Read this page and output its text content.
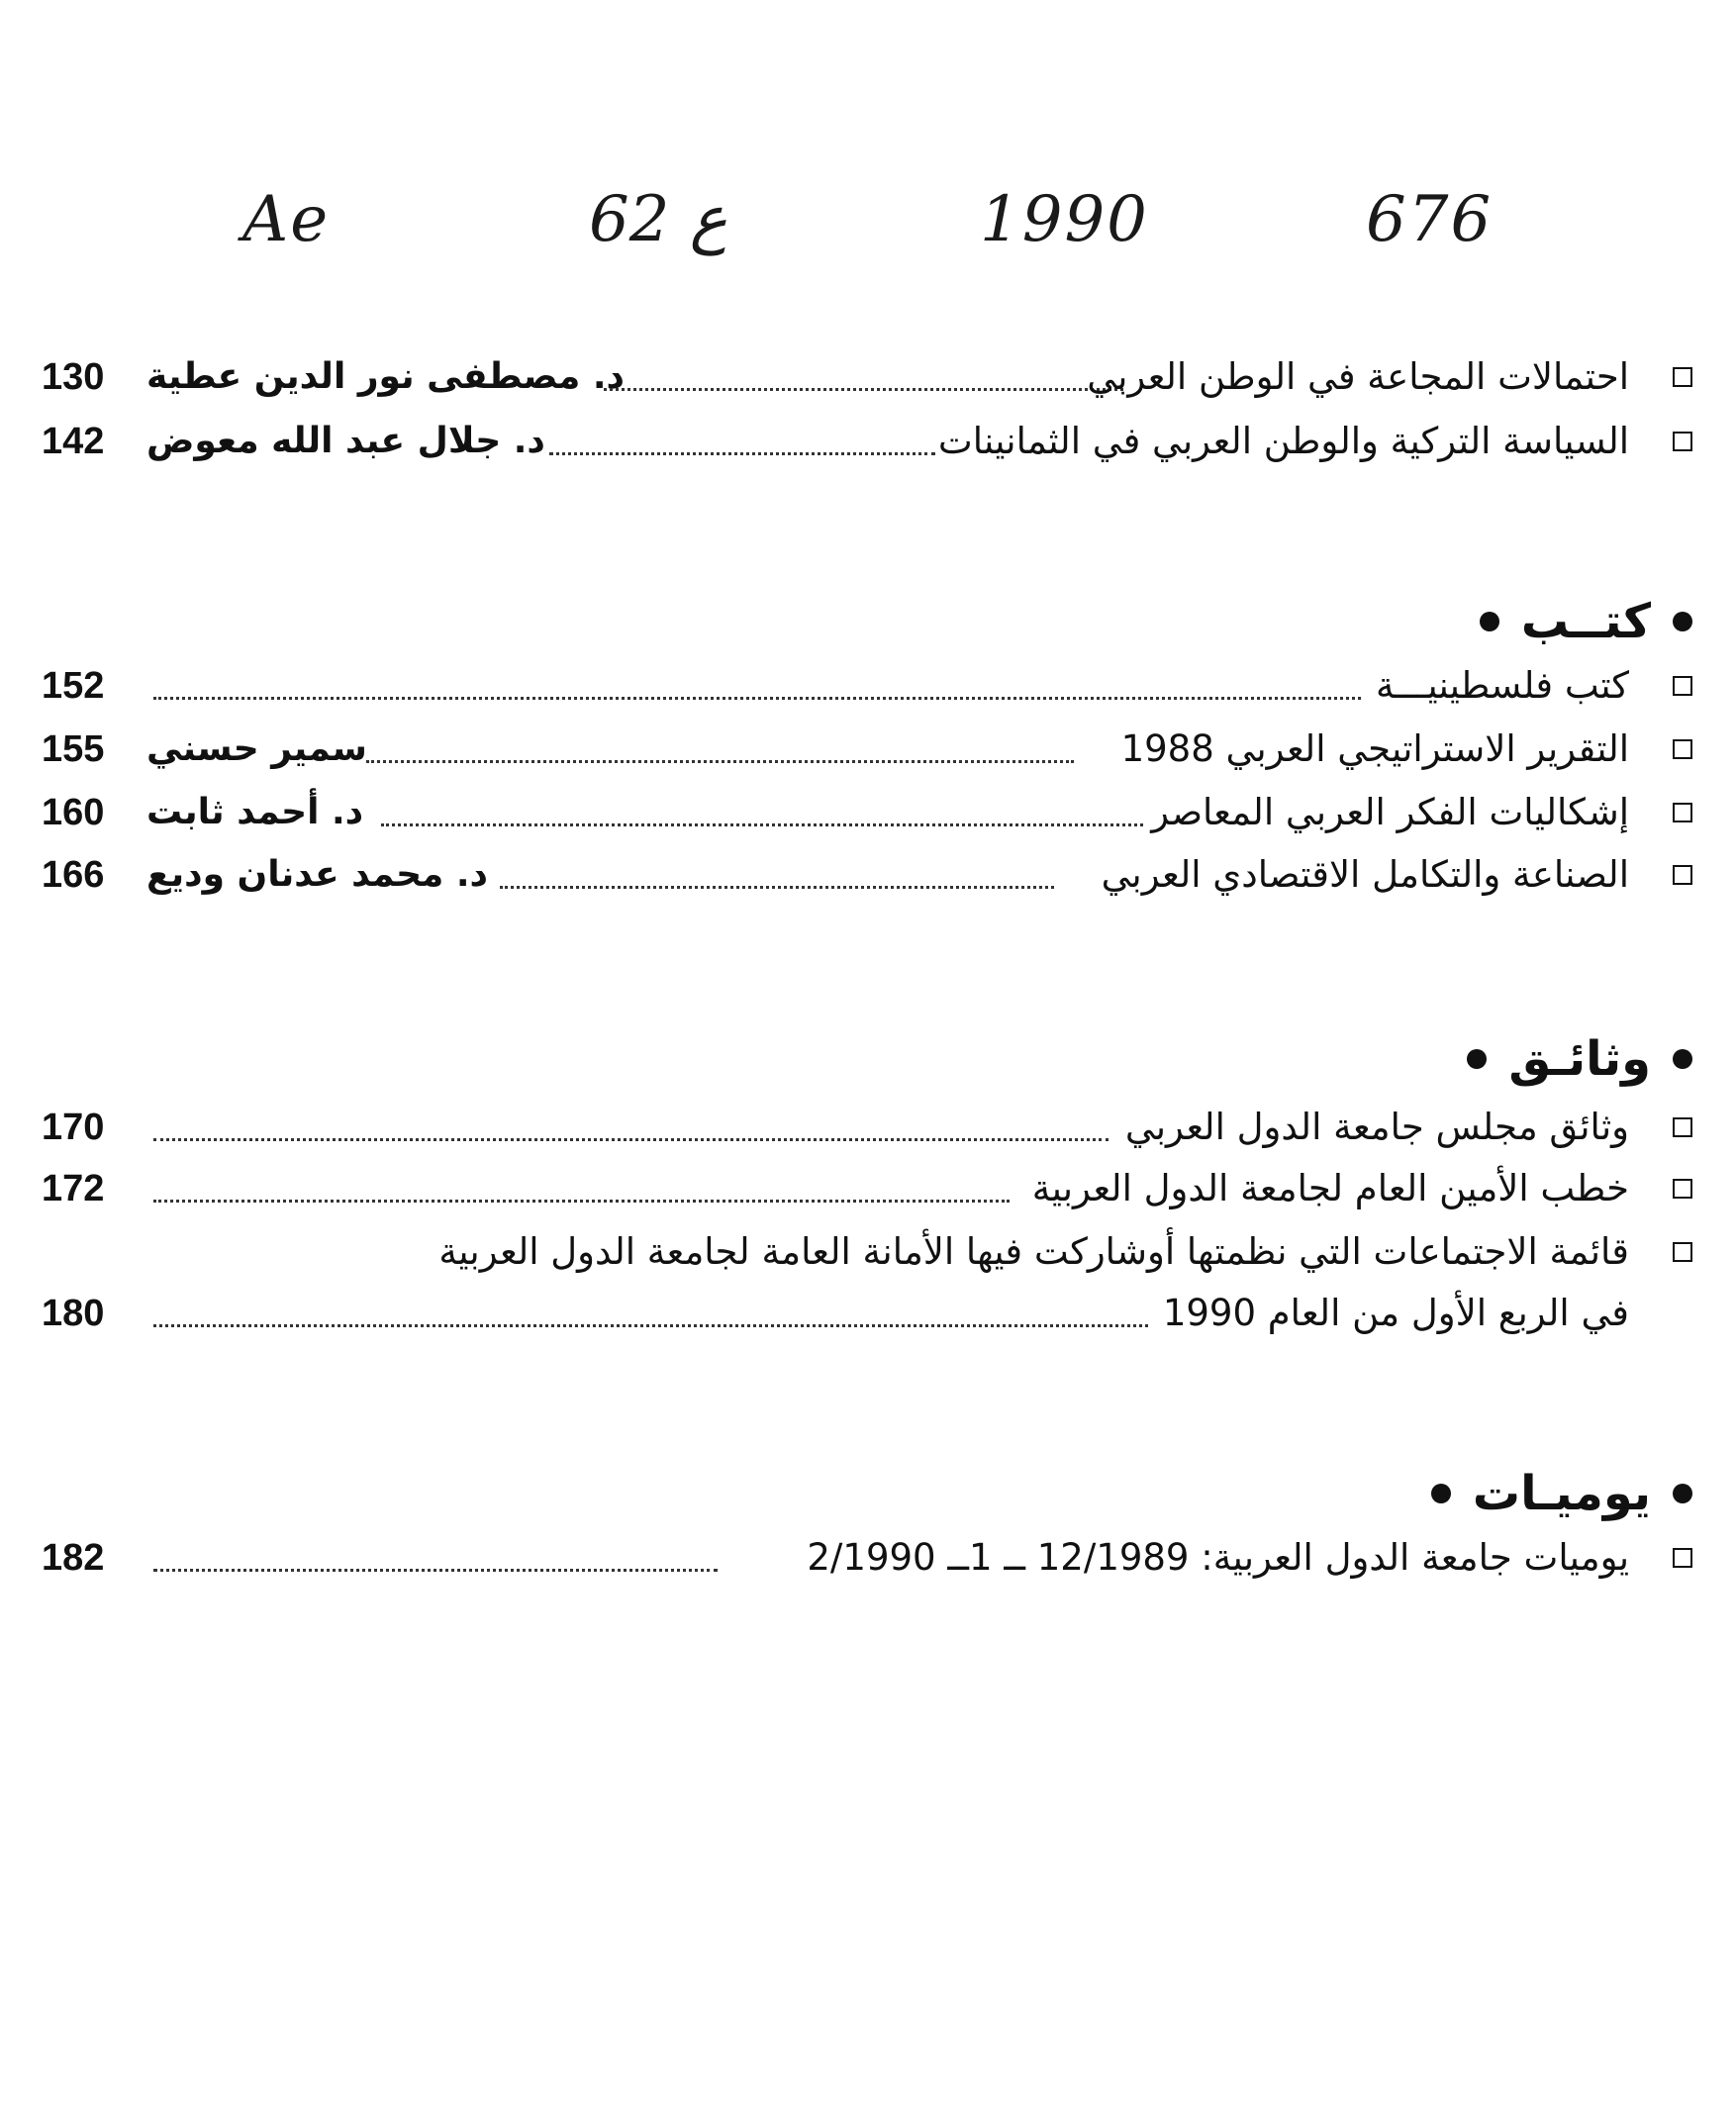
Ae	62 ع	1990	676
130	د. مصطفى نور الدين عطية	احتمالات المجاعة في الوطن العربي
142	د. جلال عبد الله معوض	السياسة التركية والوطن العربي في الثمانينات
كتــب
152	كتب فلسطينيـــة
155	سمير حسني	التقرير الاستراتيجي العربي 1988
160	د. أحمد ثابت	إشكاليات الفكر العربي المعاصر
166	د. محمد عدنان وديع	الصناعة والتكامل الاقتصادي العربي
وثائـق
170	وثائق مجلس جامعة الدول العربي
172	خطب الأمين العام لجامعة الدول العربية
قائمة الاجتماعات التي نظمتها أوشاركت فيها الأمانة العامة لجامعة الدول العربية
180	في الربع الأول من العام 1990
يوميـات
182	يوميات جامعة الدول العربية: 12/1989 ــ 1ــ 2/1990
